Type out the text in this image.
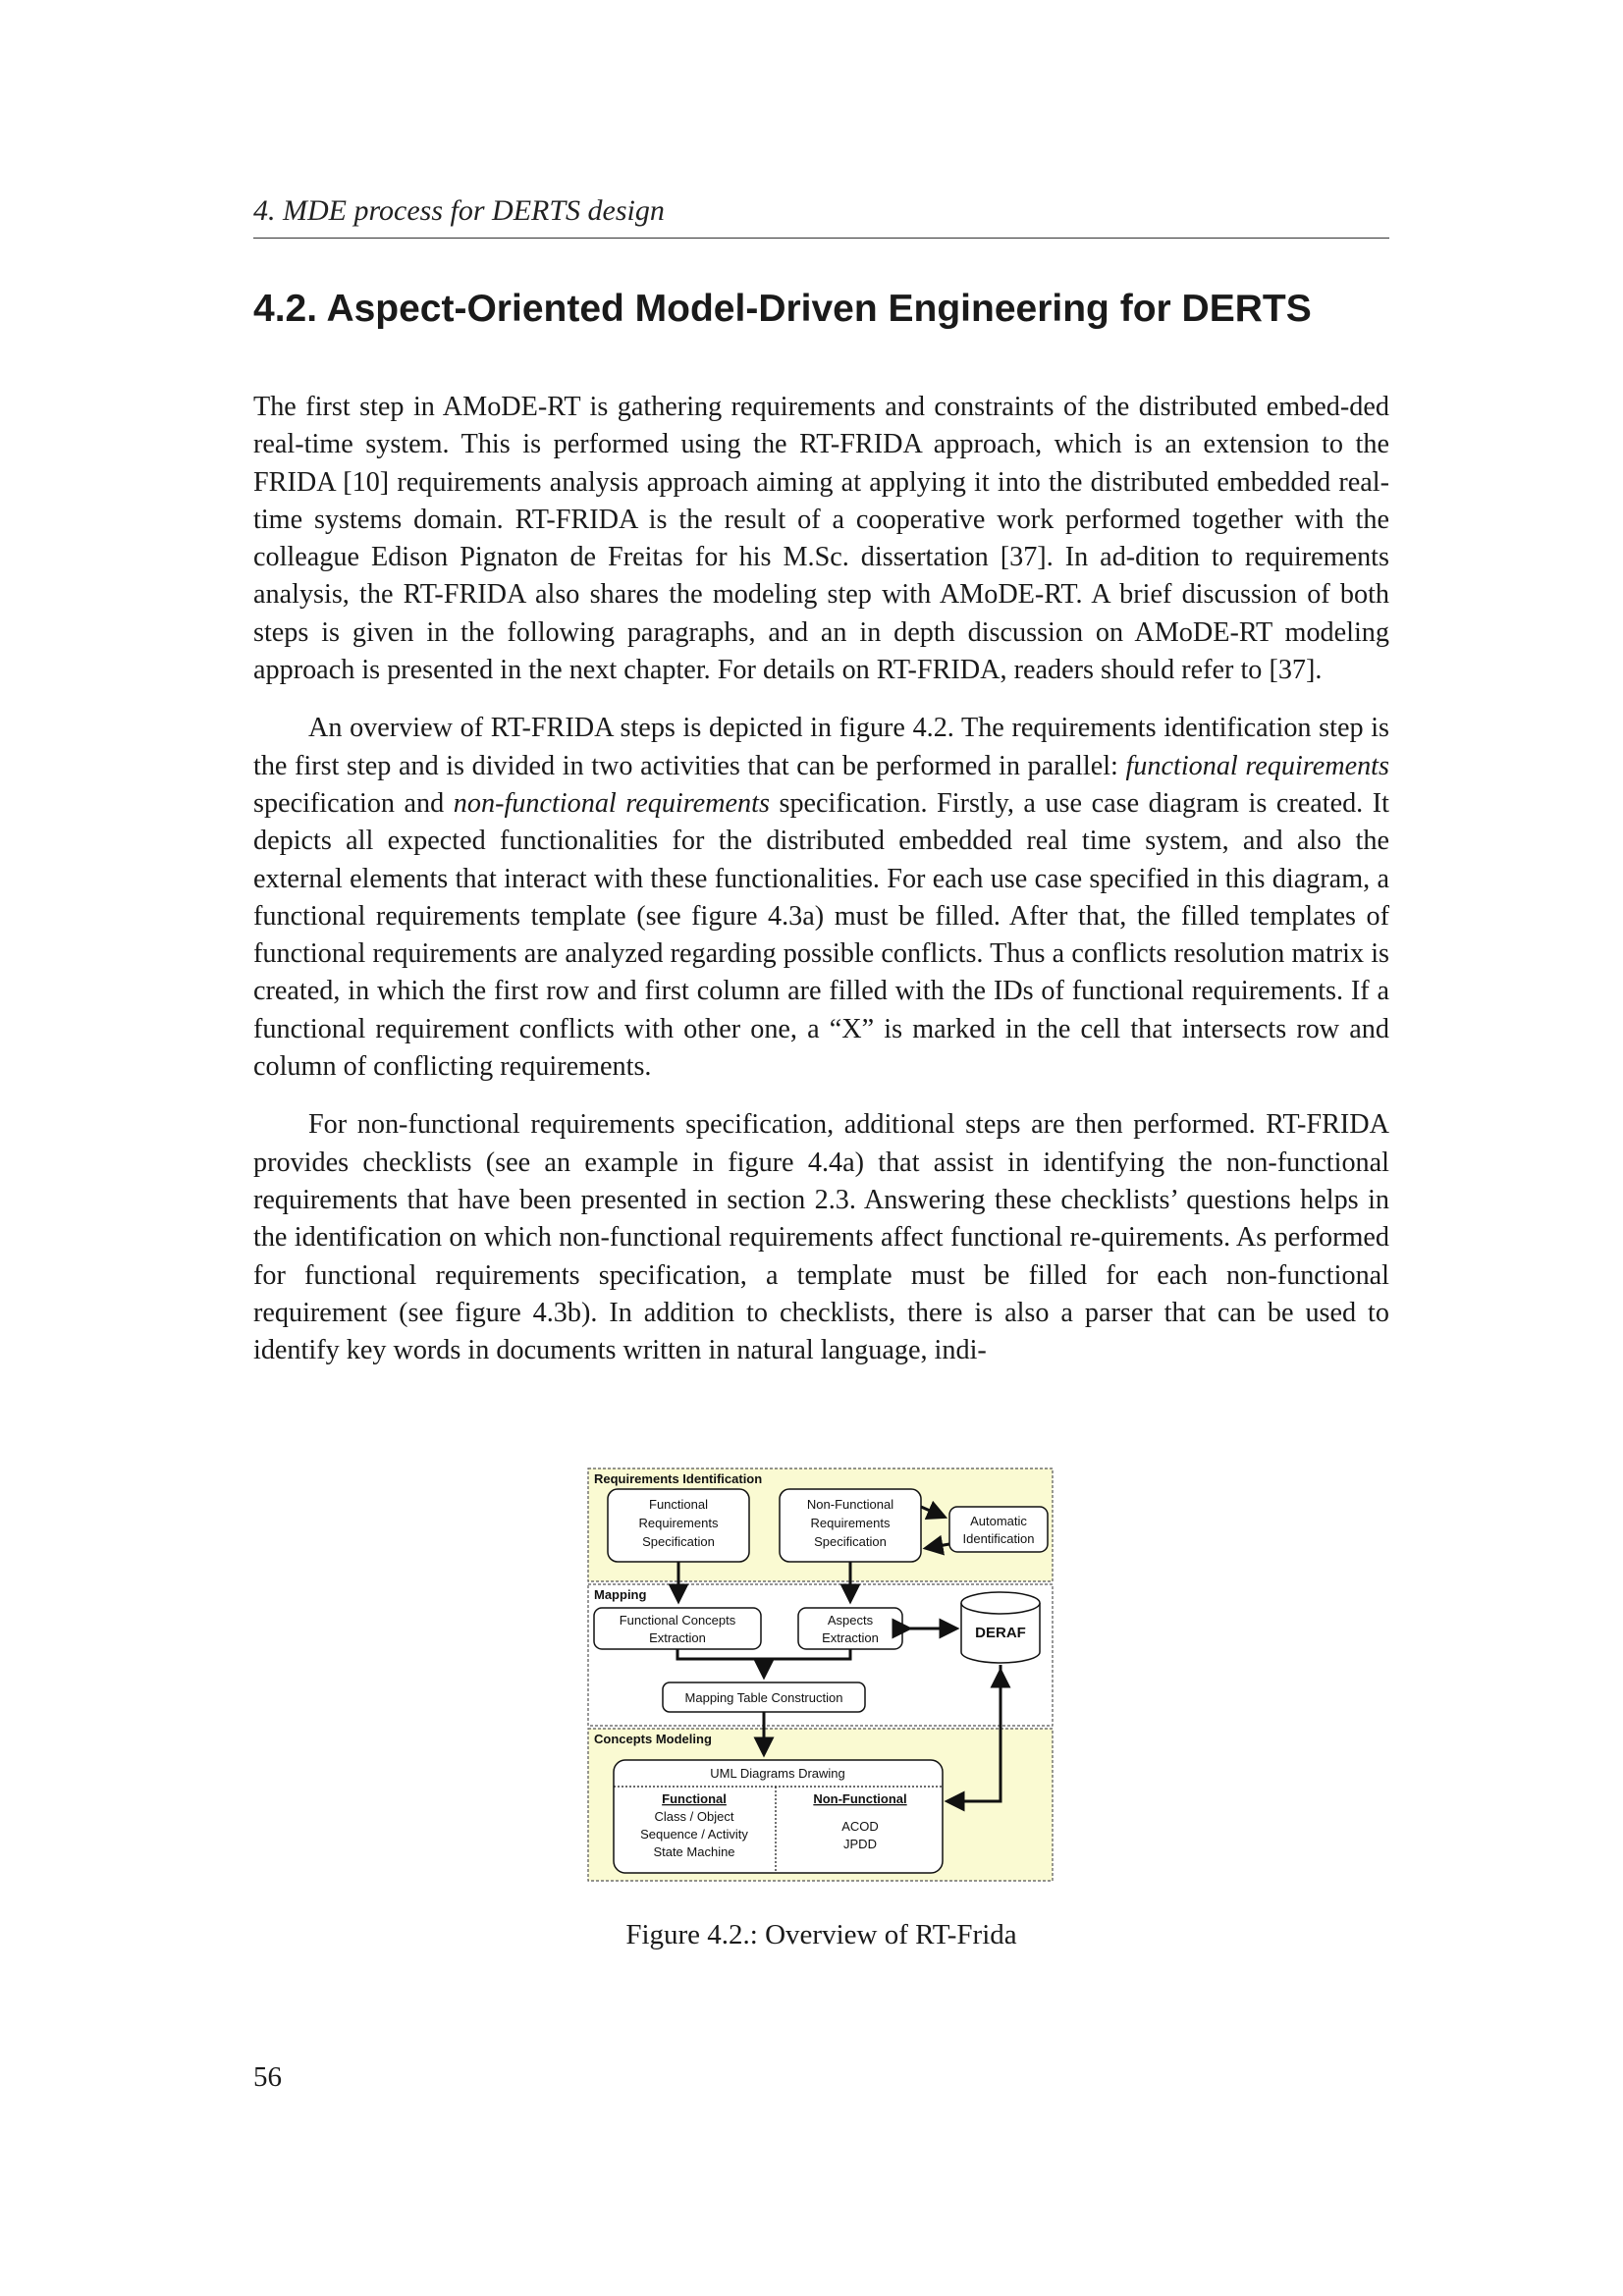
4. MDE process for DERTS design
4.2. Aspect-Oriented Model-Driven Engineering for DERTS

The first step in AMoDE-RT is gathering requirements and constraints of the distributed embed-ded real-time system. This is performed using the RT-FRIDA approach, which is an extension to the FRIDA [10] requirements analysis approach aiming at applying it into the distributed embedded real-time systems domain. RT-FRIDA is the result of a cooperative work performed together with the colleague Edison Pignaton de Freitas for his M.Sc. dissertation [37]. In ad-dition to requirements analysis, the RT-FRIDA also shares the modeling step with AMoDE-RT. A brief discussion of both steps is given in the following paragraphs, and an in depth discussion on AMoDE-RT modeling approach is presented in the next chapter. For details on RT-FRIDA, readers should refer to [37].

An overview of RT-FRIDA steps is depicted in figure 4.2. The requirements identification step is the first step and is divided in two activities that can be performed in parallel: functional requirements specification and non-functional requirements specification. Firstly, a use case diagram is created. It depicts all expected functionalities for the distributed embedded real time system, and also the external elements that interact with these functionalities. For each use case specified in this diagram, a functional requirements template (see figure 4.3a) must be filled. After that, the filled templates of functional requirements are analyzed regarding possible conflicts. Thus a conflicts resolution matrix is created, in which the first row and first column are filled with the IDs of functional requirements. If a functional requirement conflicts with other one, a “X” is marked in the cell that intersects row and column of conflicting requirements.

For non-functional requirements specification, additional steps are then performed. RT-FRIDA provides checklists (see an example in figure 4.4a) that assist in identifying the non-functional requirements that have been presented in section 2.3. Answering these checklists’ questions helps in the identification on which non-functional requirements affect functional re-quirements. As performed for functional requirements specification, a template must be filled for each non-functional requirement (see figure 4.3b). In addition to checklists, there is also a parser that can be used to identify key words in documents written in natural language, indi-

Requirements Identification
Mapping
Concepts Modeling
Functional
Requirements
Specification
Non-Functional
Requirements
Specification
Automatic
Identification
Functional Concepts
Extraction
Aspects
Extraction	DERAF
Mapping Table Construction
UML Diagrams Drawing
Functional
Class / Object
Sequence / Activity
State Machine
Non-Functional
ACOD
JPDD
Figure 4.2.: Overview of RT-Frida
56
